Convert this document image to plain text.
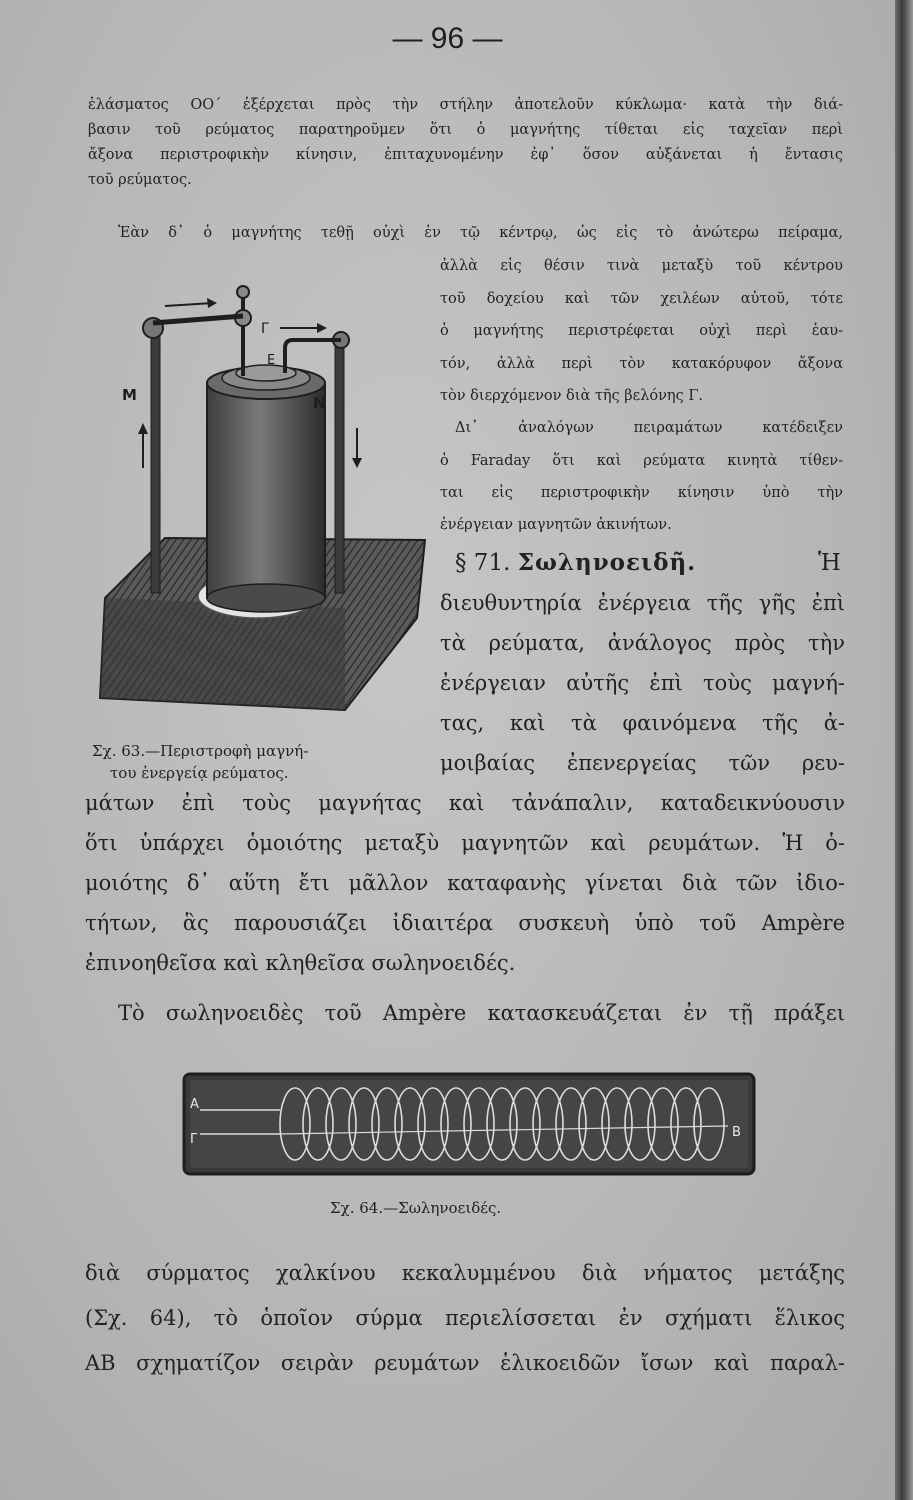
— 96 —
ἐλάσματος ΟΟ΄ ἐξέρχεται πρὸς τὴν στήλην ἀποτελοῦν κύκλωμα· κατὰ τὴν διά-
βασιν τοῦ ρεύματος παρατηροῦμεν ὅτι ὁ μαγνήτης τίθεται εἰς ταχεῖαν περὶ
ἄξονα περιστροφικὴν κίνησιν, ἐπιταχυνομένην ἐφ᾽ ὅσον αὐξάνεται ἡ ἔντασις
τοῦ ρεύματος.
Ἐὰν δ᾽ ὁ μαγνήτης τεθῇ οὐχὶ ἐν τῷ κέντρῳ, ὡς εἰς τὸ ἀνώτερω πείραμα,
ἀλλὰ εἰς θέσιν τινὰ μεταξὺ τοῦ κέντρου
τοῦ δοχείου καὶ τῶν χειλέων αὐτοῦ, τότε
ὁ μαγνήτης περιστρέφεται οὐχὶ περὶ ἑαυ-
τόν, ἀλλὰ περὶ τὸν κατακόρυφον ἄξονα
τὸν διερχόμενον διὰ τῆς βελόνης Γ.
Δι᾽ ἀναλόγων πειραμάτων κατέδειξεν
ὁ Faraday ὅτι καὶ ρεύματα κινητὰ τίθεν-
ται εἰς περιστροφικὴν κίνησιν ὑπὸ τὴν
ἐνέργειαν μαγνητῶν ἀκινήτων.
§ 71. Σωληνοειδῆ.	Ἡ
διευθυντηρία ἐνέργεια τῆς γῆς ἐπὶ
τὰ ρεύματα, ἀνάλογος πρὸς τὴν
ἐνέργειαν αὐτῆς ἐπὶ τοὺς μαγνή-
τας, καὶ τὰ φαινόμενα τῆς ἀ-
μοιβαίας ἐπενεργείας τῶν ρευ-
Μ	Ν
Γ
Ε
Σχ. 63.—Περιστροφὴ μαγνή-
του ἐνεργείᾳ ρεύματος.
μάτων ἐπὶ τοὺς μαγνήτας καὶ τἀνάπαλιν, καταδεικνύουσιν
ὅτι ὑπάρχει ὁμοιότης μεταξὺ μαγνητῶν καὶ ρευμάτων. Ἡ ὁ-
μοιότης δ᾽ αὕτη ἔτι μᾶλλον καταφανὴς γίνεται διὰ τῶν ἰδιο-
τήτων, ἃς παρουσιάζει ἰδιαιτέρα συσκευὴ ὑπὸ τοῦ Ampère
ἐπινοηθεῖσα καὶ κληθεῖσα σωληνοειδές.
Τὸ σωληνοειδὲς τοῦ Ampère κατασκευάζεται ἐν τῇ πράξει
Α
Γ	Β
Σχ. 64.—Σωληνοειδές.
διὰ σύρματος χαλκίνου κεκαλυμμένου διὰ νήματος μετάξης
(Σχ. 64), τὸ ὁποῖον σύρμα περιελίσσεται ἐν σχήματι ἕλικος
ΑΒ σχηματίζον σειρὰν ρευμάτων ἑλικοειδῶν ἴσων καὶ παραλ-
